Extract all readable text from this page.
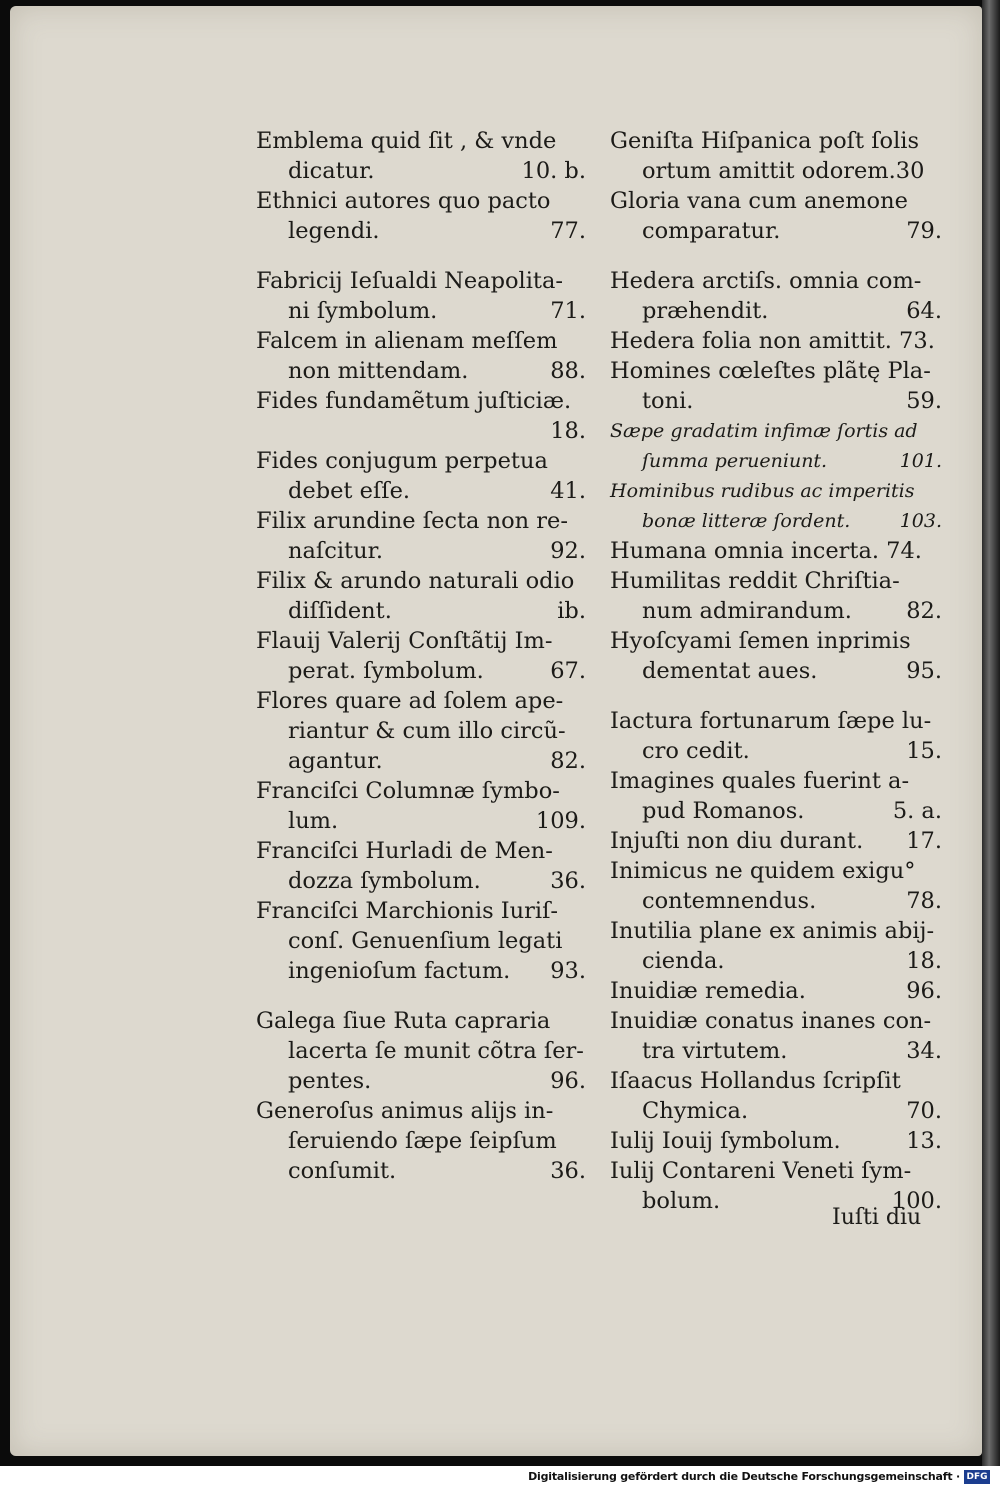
Emblema quid ſit , & vnde
dicatur.	10. b.
Ethnici autores quo pacto
legendi.	77.
Fabricij Ieſualdi Neapolita-
ni ſymbolum.	71.
Falcem in alienam meſſem
non mittendam.	88.
Fides fundamẽtum juſticiæ.
18.
Fides conjugum perpetua
debet eſſe.	41.
Filix arundine ſecta non re-
naſcitur.	92.
Filix & arundo naturali odio
diſſident.	ib.
Flauij Valerij Conſtãtij Im-
perat. ſymbolum.	67.
Flores quare ad ſolem ape-
riantur & cum illo circũ-
agantur.	82.
Franciſci Columnæ ſymbo-
lum.	109.
Franciſci Hurladi de Men-
dozza ſymbolum.	36.
Franciſci Marchionis Iuriſ-
conſ. Genuenſium legati
ingenioſum factum.	93.
Galega ſiue Ruta capraria
lacerta ſe munit cõtra ſer-
pentes.	96.
Generoſus animus alijs in-
ſeruiendo ſæpe ſeipſum
conſumit.	36.
Geniſta Hiſpanica poſt ſolis
ortum amittit odorem.30
Gloria vana cum anemone
comparatur.	79.
Hedera arctiſs. omnia com-
præhendit.	64.
Hedera folia non amittit. 73.
Homines cœleſtes plãtę Pla-
toni.	59.
Sæpe gradatim infimæ ſortis ad
ſumma perueniunt.	101.
Hominibus rudibus ac imperitis
bonæ litteræ ſordent.	103.
Humana omnia incerta. 74.
Humilitas reddit Chriſtia-
num admirandum.	82.
Hyoſcyami ſemen inprimis
dementat aues.	95.
Iactura fortunarum ſæpe lu-
cro cedit.	15.
Imagines quales fuerint a-
pud Romanos.	5. a.
Injuſti non diu durant.	17.
Inimicus ne quidem exigu°
contemnendus.	78.
Inutilia plane ex animis abij-
cienda.	18.
Inuidiæ remedia.	96.
Inuidiæ conatus inanes con-
tra virtutem.	34.
Iſaacus Hollandus ſcripſit
Chymica.	70.
Iulij Iouij ſymbolum.	13.
Iulij Contareni Veneti ſym-
bolum.	100.
Iuſti diu
Digitalisierung gefördert durch die Deutsche Forschungsgemeinschaft · DFG
